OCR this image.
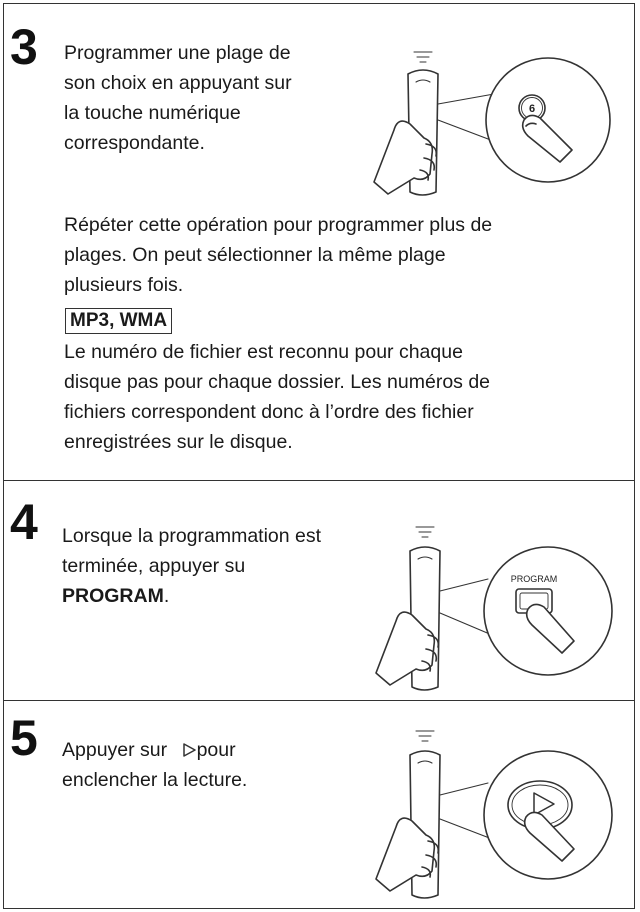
3 Programmer une plage de
son choix en appuyant sur
la touche numérique
correspondante.
6
Répéter cette opération pour programmer plus de
plages. On peut sélectionner la même plage
plusieurs fois.
MP3, WMA
Le numéro de fichier est reconnu pour chaque
disque pas pour chaque dossier. Les numéros de
fichiers correspondent donc à l’ordre des fichier
enregistrées sur le disque.
4 Lorsque la programmation est
terminée, appuyer su
PROGRAM.
PROGRAM
5 Appuyer sur pour
enclencher la lecture.
